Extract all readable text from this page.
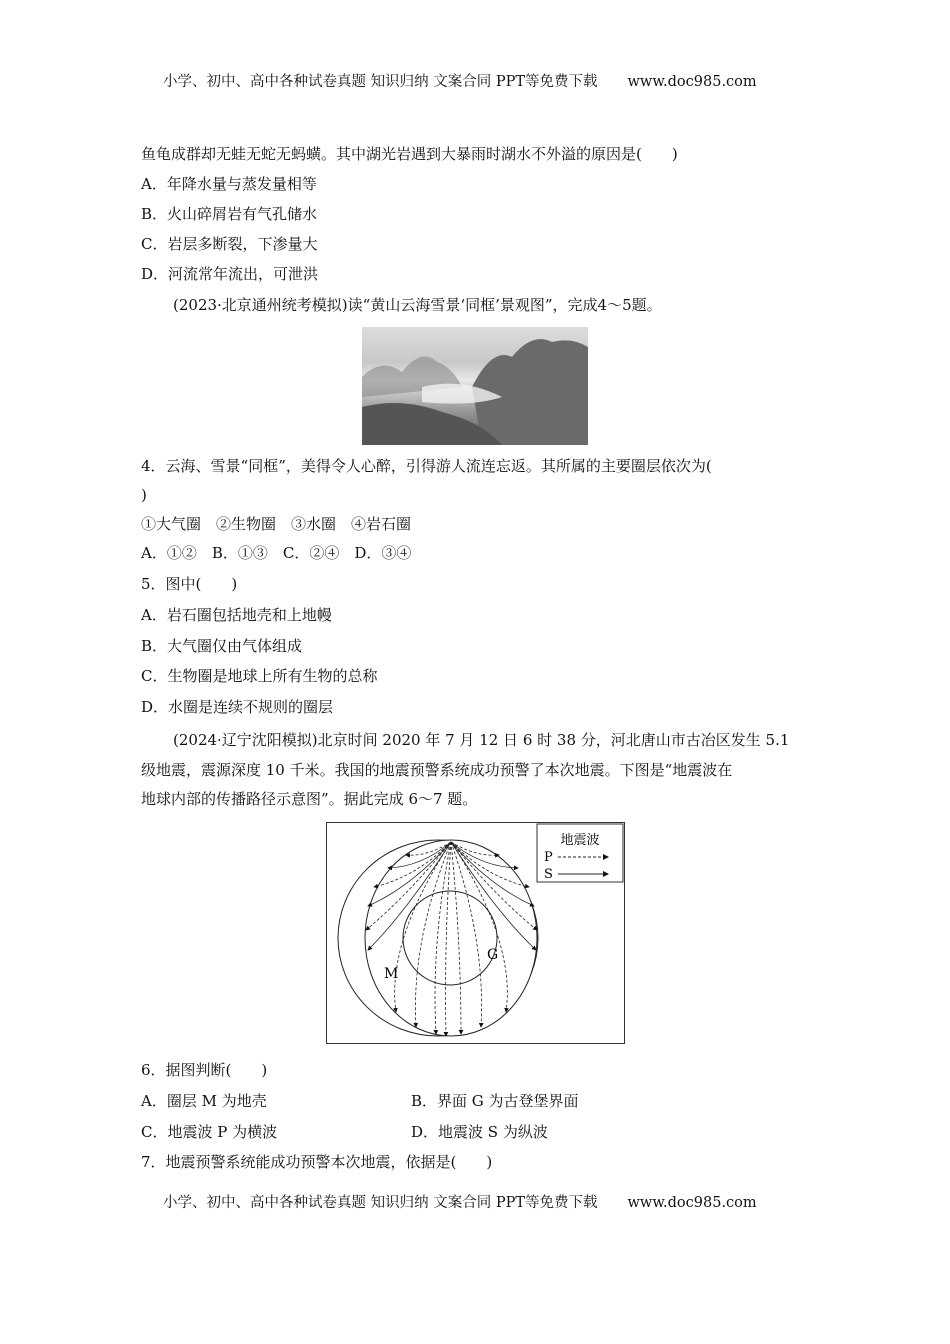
小学、初中、高中各种试卷真题 知识归纳 文案合同 PPT等免费下载 www.doc985.com
鱼龟成群却无蛙无蛇无蚂蟥。其中湖光岩遇到大暴雨时湖水不外溢的原因是(　　)
A．年降水量与蒸发量相等
B．火山碎屑岩有气孔储水
C．岩层多断裂，下渗量大
D．河流常年流出，可泄洪
(2023·北京通州统考模拟)读“黄山云海雪景‘同框’景观图”，完成4～5题。
4．云海、雪景“同框”，美得令人心醉，引得游人流连忘返。其所属的主要圈层依次为(
)
①大气圈　②生物圈　③水圈　④岩石圈
A．①②　B．①③　C．②④　D．③④
5．图中(　　)
A．岩石圈包括地壳和上地幔
B．大气圈仅由气体组成
C．生物圈是地球上所有生物的总称
D．水圈是连续不规则的圈层
(2024·辽宁沈阳模拟)北京时间 2020 年 7 月 12 日 6 时 38 分，河北唐山市古冶区发生 5.1
级地震，震源深度 10 千米。我国的地震预警系统成功预警了本次地震。下图是“地震波在
地球内部的传播路径示意图”。据此完成 6～7 题。
地震波
P
S
M
G
6．据图判断(　　)
A．圈层 M 为地壳	B．界面 G 为古登堡界面
C．地震波 P 为横波	D．地震波 S 为纵波
7．地震预警系统能成功预警本次地震，依据是(　　)
小学、初中、高中各种试卷真题 知识归纳 文案合同 PPT等免费下载 www.doc985.com
